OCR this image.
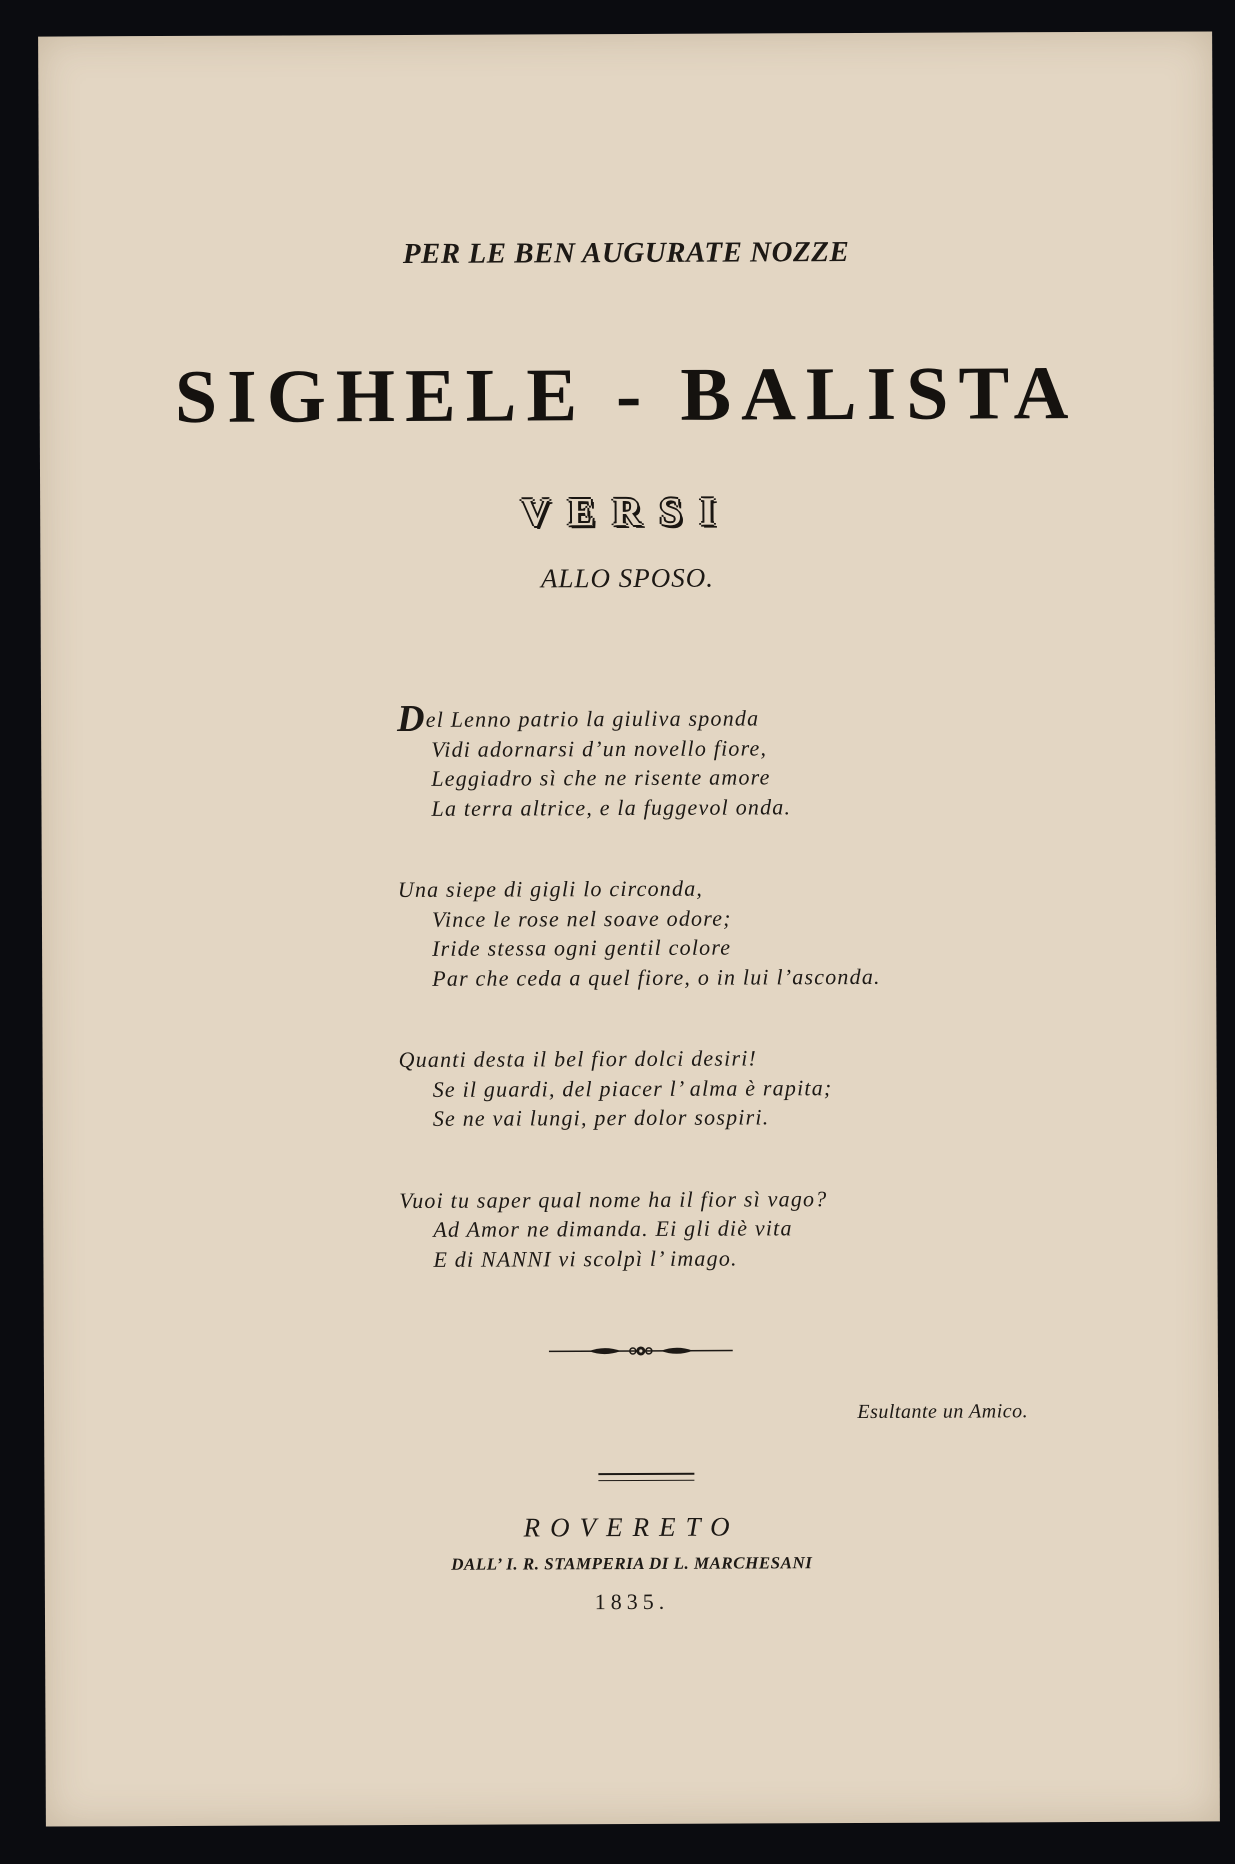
PER LE BEN AUGURATE NOZZE
SIGHELE - BALISTA
VERSI
ALLO SPOSO.
Del Lenno patrio la giuliva sponda
Vidi adornarsi d’un novello fiore,
Leggiadro sì che ne risente amore
La terra altrice, e la fuggevol onda.
Una siepe di gigli lo circonda,
Vince le rose nel soave odore;
Iride stessa ogni gentil colore
Par che ceda a quel fiore, o in lui l’asconda.
Quanti desta il bel fior dolci desiri!
Se il guardi, del piacer l’ alma è rapita;
Se ne vai lungi, per dolor sospiri.
Vuoi tu saper qual nome ha il fior sì vago?
Ad Amor ne dimanda. Ei gli diè vita
E di NANNI vi scolpì l’ imago.
Esultante un Amico.
ROVERETO
DALL’ I. R. STAMPERIA DI L. MARCHESANI
1835.
